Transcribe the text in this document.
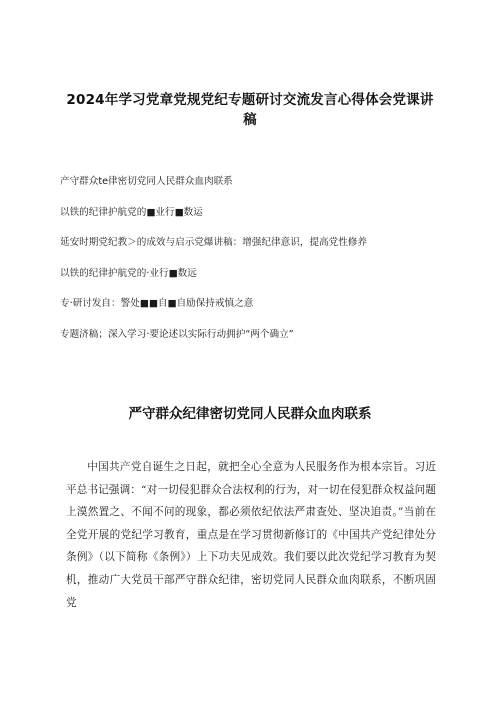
2024年学习党章党规党纪专题研讨交流发言心得体会党课讲稿
产守群众te律密切党同人民群众血肉联系
以铁的纪律护航党的■业行■数运
延安时期党纪教＞的成效与启示党爆讲稿：增强纪律意识，提高党性修养
以铁的纪律护航党的·业行■数远
专·研讨发自：警处■■自■自励保持戒慎之意
专题济稿；深入学习·要论述以实际行动拥护“两个确立”
严守群众纪律密切党同人民群众血肉联系

中国共产党自诞生之日起，就把全心全意为人民服务作为根本宗旨。习近平总书记强调：“对一切侵犯群众合法权利的行为，对一切在侵犯群众权益问题上漠然置之、不闻不问的现象，都必须依纪依法严肃查处、坚决追责。”当前在全党开展的党纪学习教育，重点是在学习贯彻新修订的《中国共产党纪律处分条例》（以下简称《条例》）上下功夫见成效。我们要以此次党纪学习教育为契机，推动广大党员干部严守群众纪律，密切党同人民群众血肉联系，不断巩固党
